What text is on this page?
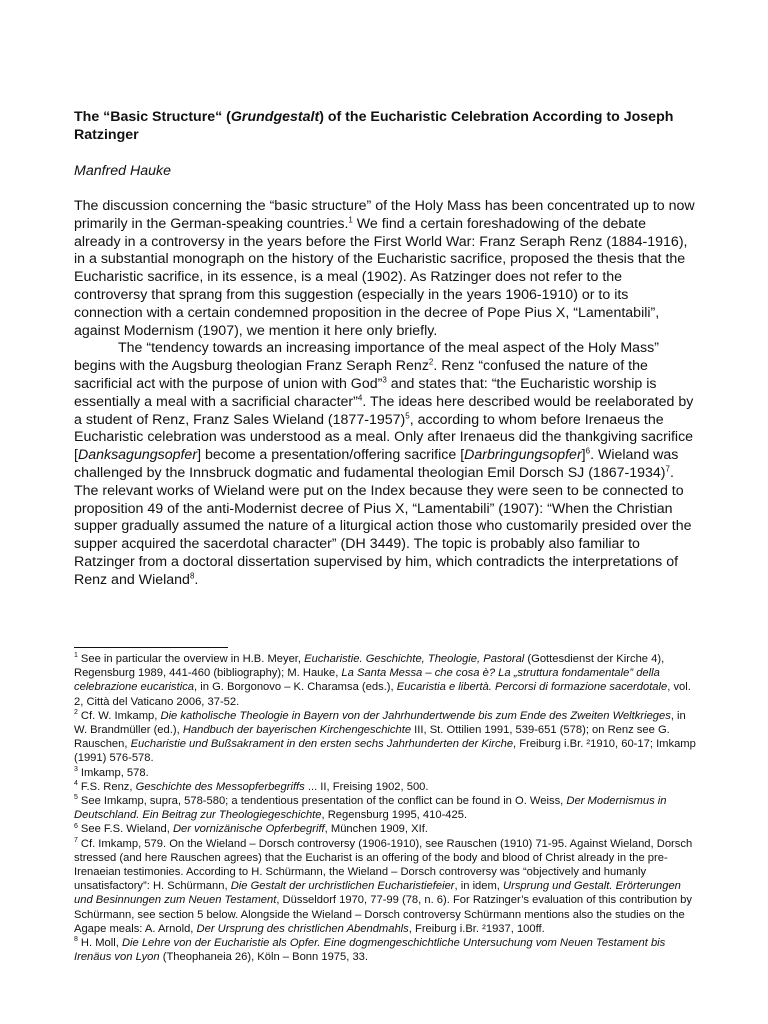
The “Basic Structure“ (Grundgestalt) of the Eucharistic Celebration According to Joseph Ratzinger
Manfred Hauke

The discussion concerning the “basic structure” of the Holy Mass has been concentrated up to now primarily in the German-speaking countries.$^1$ We find a certain foreshadowing of the debate already in a controversy in the years before the First World War: Franz Seraph Renz (1884-1916), in a substantial monograph on the history of the Eucharistic sacrifice, proposed the thesis that the Eucharistic sacrifice, in its essence, is a meal (1902). As Ratzinger does not refer to the controversy that sprang from this suggestion (especially in the years 1906-1910) or to its connection with a certain condemned proposition in the decree of Pope Pius X, “Lamentabili”, against Modernism (1907), we mention it here only briefly.

The “tendency towards an increasing importance of the meal aspect of the Holy Mass” begins with the Augsburg theologian Franz Seraph Renz$^2$. Renz “confused the nature of the sacrificial act with the purpose of union with God”$^3$ and states that: “the Eucharistic worship is essentially a meal with a sacrificial character”$^4$. The ideas here described would be reelaborated by a student of Renz, Franz Sales Wieland (1877-1957)$^5$, according to whom before Irenaeus the Eucharistic celebration was understood as a meal. Only after Irenaeus did the thankgiving sacrifice [Danksagungsopfer] become a presentation/offering sacrifice [Darbringungsopfer]$^6$. Wieland was challenged by the Innsbruck dogmatic and fudamental theologian Emil Dorsch SJ (1867-1934)$^7$. The relevant works of Wieland were put on the Index because they were seen to be connected to proposition 49 of the anti-Modernist decree of Pius X, “Lamentabili” (1907): “When the Christian supper gradually assumed the nature of a liturgical action those who customarily presided over the supper acquired the sacerdotal character” (DH 3449). The topic is probably also familiar to Ratzinger from a doctoral dissertation supervised by him, which contradicts the interpretations of Renz and Wieland$^8$.

$^1$ See in particular the overview in H.B. Meyer, Eucharistie. Geschichte, Theologie, Pastoral (Gottesdienst der Kirche 4), Regensburg 1989, 441-460 (bibliography); M. Hauke, La Santa Messa – che cosa è? La „struttura fondamentale” della celebrazione eucaristica, in G. Borgonovo – K. Charamsa (eds.), Eucaristia e libertà. Percorsi di formazione sacerdotale, vol. 2, Città del Vaticano 2006, 37-52.

$^2$ Cf. W. Imkamp, Die katholische Theologie in Bayern von der Jahrhundertwende bis zum Ende des Zweiten Weltkrieges, in W. Brandmüller (ed.), Handbuch der bayerischen Kirchengeschichte III, St. Ottilien 1991, 539-651 (578); on Renz see G. Rauschen, Eucharistie und Bußsakrament in den ersten sechs Jahrhunderten der Kirche, Freiburg i.Br. ²1910, 60-17; Imkamp (1991) 576-578.

$^3$ Imkamp, 578.

$^4$ F.S. Renz, Geschichte des Messopferbegriffs ... II, Freising 1902, 500.

$^5$ See Imkamp, supra, 578-580; a tendentious presentation of the conflict can be found in O. Weiss, Der Modernismus in Deutschland. Ein Beitrag zur Theologiegeschichte, Regensburg 1995, 410-425.

$^6$ See F.S. Wieland, Der vornizänische Opferbegriff, München 1909, XIf.

$^7$ Cf. Imkamp, 579. On the Wieland – Dorsch controversy (1906-1910), see Rauschen (1910) 71-95. Against Wieland, Dorsch stressed (and here Rauschen agrees) that the Eucharist is an offering of the body and blood of Christ already in the pre-Irenaeian testimonies. According to H. Schürmann, the Wieland – Dorsch controversy was “objectively and humanly unsatisfactory”: H. Schürmann, Die Gestalt der urchristlichen Eucharistiefeier, in idem, Ursprung und Gestalt. Erörterungen und Besinnungen zum Neuen Testament, Düsseldorf 1970, 77-99 (78, n. 6). For Ratzinger’s evaluation of this contribution by Schürmann, see section 5 below. Alongside the Wieland – Dorsch controversy Schürmann mentions also the studies on the Agape meals: A. Arnold, Der Ursprung des christlichen Abendmahls, Freiburg i.Br. ²1937, 100ff.

$^8$ H. Moll, Die Lehre von der Eucharistie als Opfer. Eine dogmengeschichtliche Untersuchung vom Neuen Testament bis Irenäus von Lyon (Theophaneia 26), Köln – Bonn 1975, 33.
